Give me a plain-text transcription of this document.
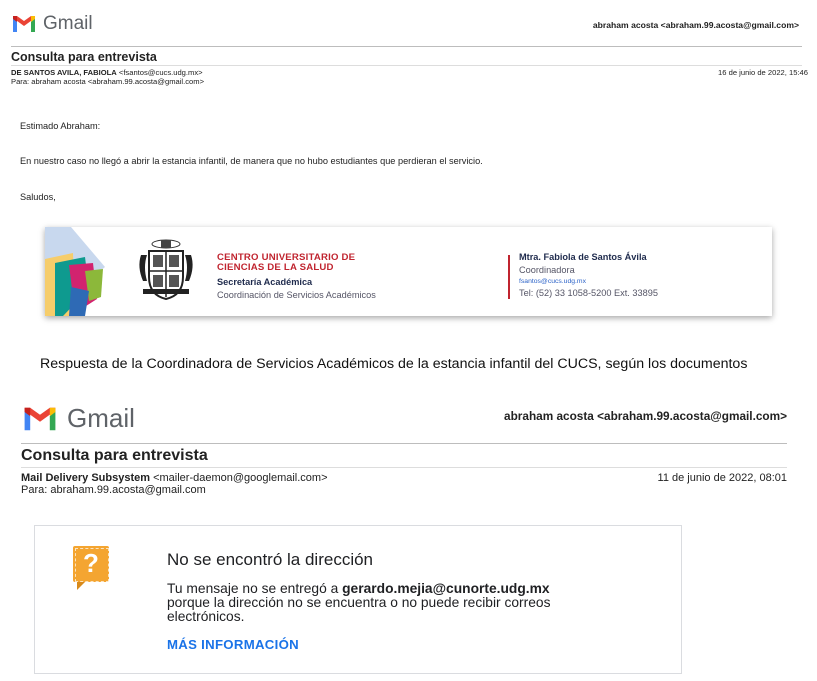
Gmail	abraham acosta <abraham.99.acosta@gmail.com>
Consulta para entrevista
DE SANTOS AVILA, FABIOLA <fsantos@cucs.udg.mx>
Para: abraham acosta <abraham.99.acosta@gmail.com>
16 de junio de 2022, 15:46
Estimado Abraham:
En nuestro caso no llegó a abrir la estancia infantil, de manera que no hubo estudiantes que perdieran el servicio.
Saludos,
CENTRO UNIVERSITARIO DE
CIENCIAS DE LA SALUD
Secretaría Académica
Coordinación de Servicios Académicos
Mtra. Fabiola de Santos Ávila
Coordinadora
fsantos@cucs.udg.mx
Tel: (52) 33 1058-5200 Ext. 33895
Respuesta de la Coordinadora de Servicios Académicos de la estancia infantil del CUCS, según los documentos
Gmail	abraham acosta <abraham.99.acosta@gmail.com>
Consulta para entrevista
Mail Delivery Subsystem <mailer-daemon@googlemail.com>
Para: abraham.99.acosta@gmail.com
11 de junio de 2022, 08:01
?	No se encontró la dirección
Tu mensaje no se entregó a gerardo.mejia@cunorte.udg.mx
porque la dirección no se encuentra o no puede recibir correos
electrónicos.
MÁS INFORMACIÓN
